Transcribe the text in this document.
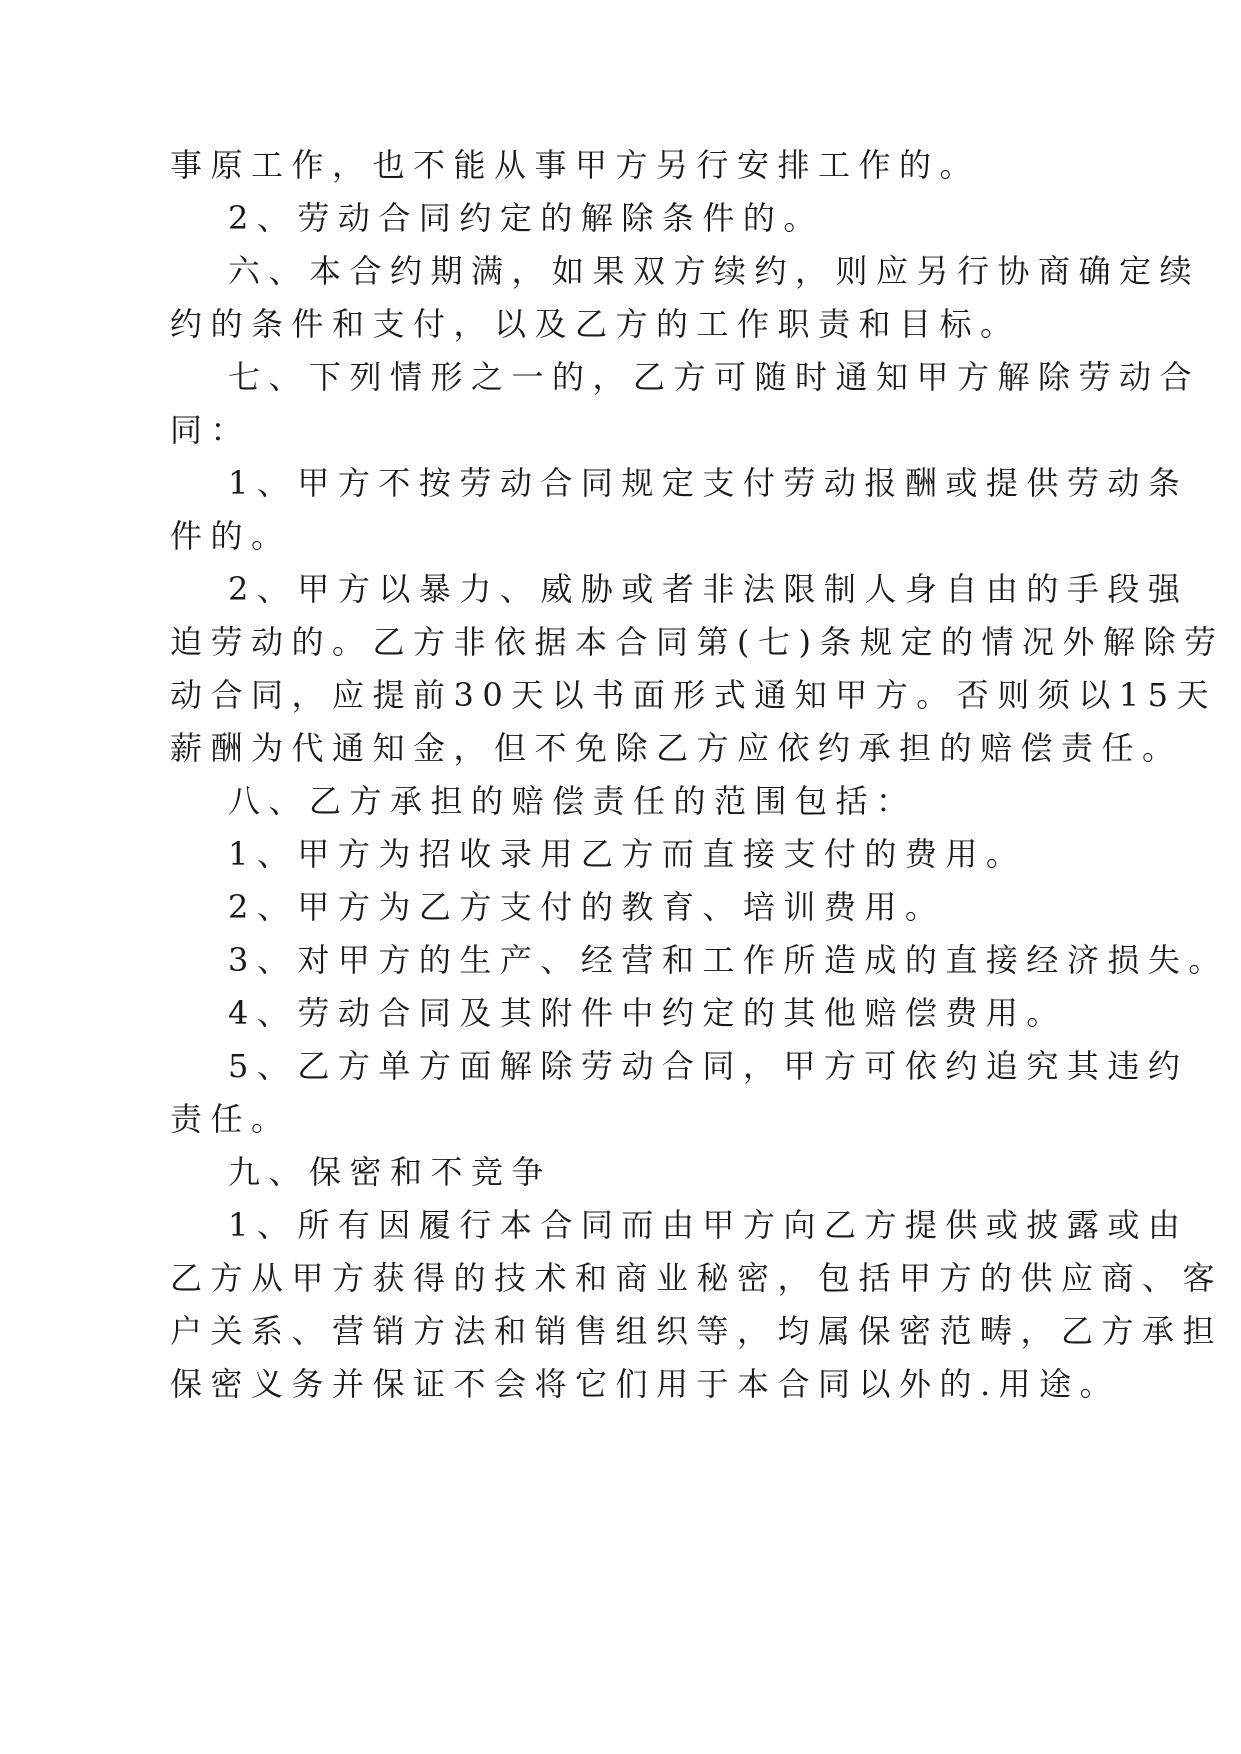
事原工作，也不能从事甲方另行安排工作的。
2、劳动合同约定的解除条件的。
六、本合约期满，如果双方续约，则应另行协商确定续
约的条件和支付，以及乙方的工作职责和目标。
七、下列情形之一的，乙方可随时通知甲方解除劳动合
同：
1、甲方不按劳动合同规定支付劳动报酬或提供劳动条
件的。
2、甲方以暴力、威胁或者非法限制人身自由的手段强
迫劳动的。乙方非依据本合同第(七)条规定的情况外解除劳
动合同，应提前30天以书面形式通知甲方。否则须以15天
薪酬为代通知金，但不免除乙方应依约承担的赔偿责任。
八、乙方承担的赔偿责任的范围包括：
1、甲方为招收录用乙方而直接支付的费用。
2、甲方为乙方支付的教育、培训费用。
3、对甲方的生产、经营和工作所造成的直接经济损失。
4、劳动合同及其附件中约定的其他赔偿费用。
5、乙方单方面解除劳动合同，甲方可依约追究其违约
责任。
九、保密和不竞争
1、所有因履行本合同而由甲方向乙方提供或披露或由
乙方从甲方获得的技术和商业秘密，包括甲方的供应商、客
户关系、营销方法和销售组织等，均属保密范畴，乙方承担
保密义务并保证不会将它们用于本合同以外的.用途。
